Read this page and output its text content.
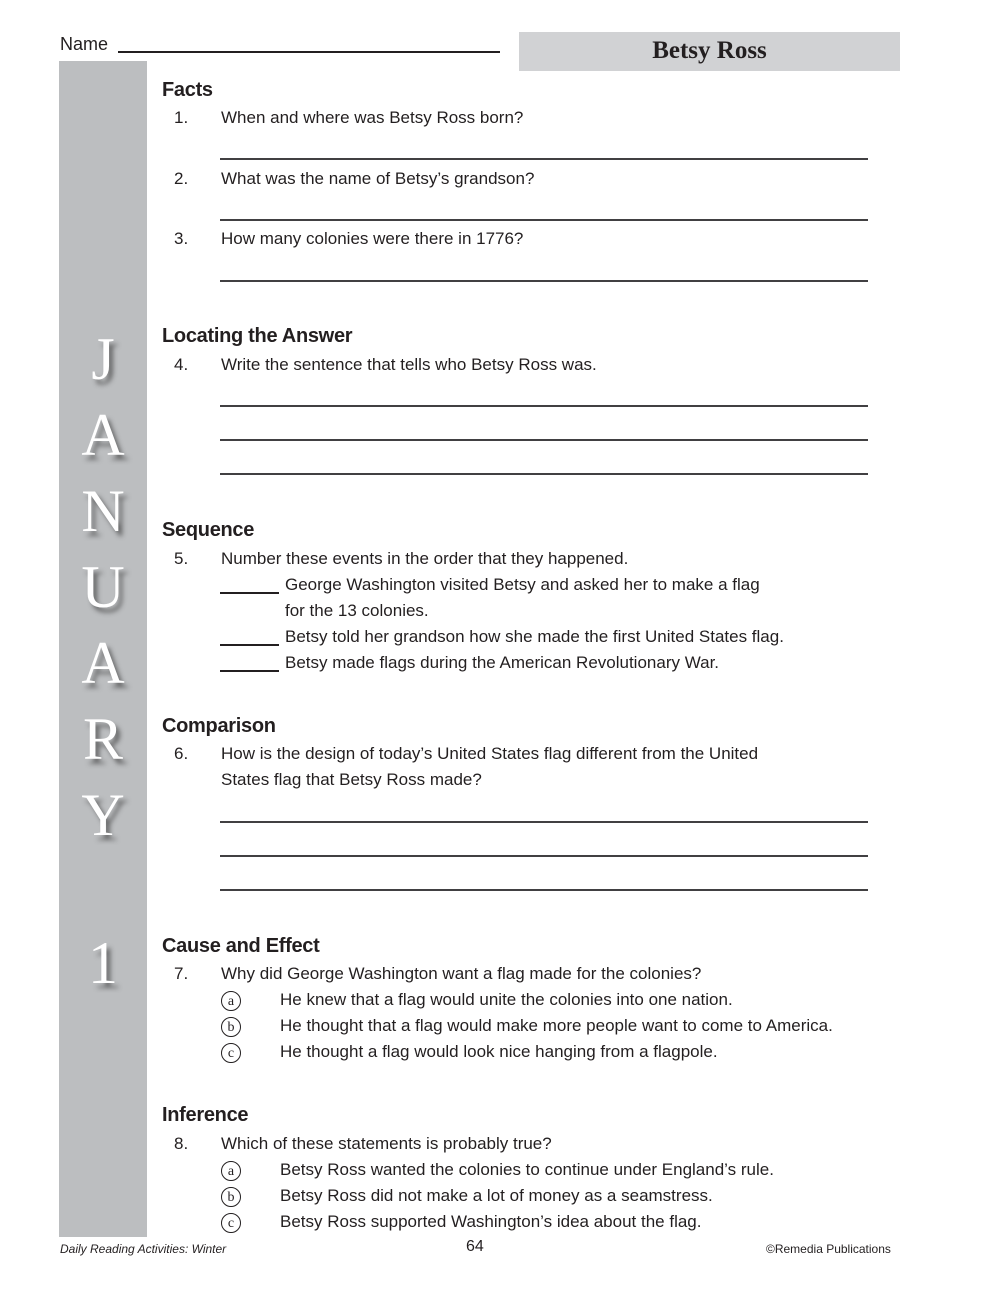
Name	Betsy Ross
J
A
N
U
A
R
Y
1
Facts
1. When and where was Betsy Ross born?
2. What was the name of Betsy’s grandson?
3. How many colonies were there in 1776?
Locating the Answer
4. Write the sentence that tells who Betsy Ross was.
Sequence
5. Number these events in the order that they happened.
George Washington visited Betsy and asked her to make a flag
for the 13 colonies.
Betsy told her grandson how she made the first United States flag.
Betsy made flags during the American Revolutionary War.
Comparison
6. How is the design of today’s United States flag different from the United
States flag that Betsy Ross made?
Cause and Effect
7. Why did George Washington want a flag made for the colonies?
a	He knew that a flag would unite the colonies into one nation.
b	He thought that a flag would make more people want to come to America.
c	He thought a flag would look nice hanging from a flagpole.
Inference
8. Which of these statements is probably true?
a	Betsy Ross wanted the colonies to continue under England’s rule.
b	Betsy Ross did not make a lot of money as a seamstress.
c	Betsy Ross supported Washington’s idea about the flag.
Daily Reading Activities: Winter	64	©Remedia Publications
